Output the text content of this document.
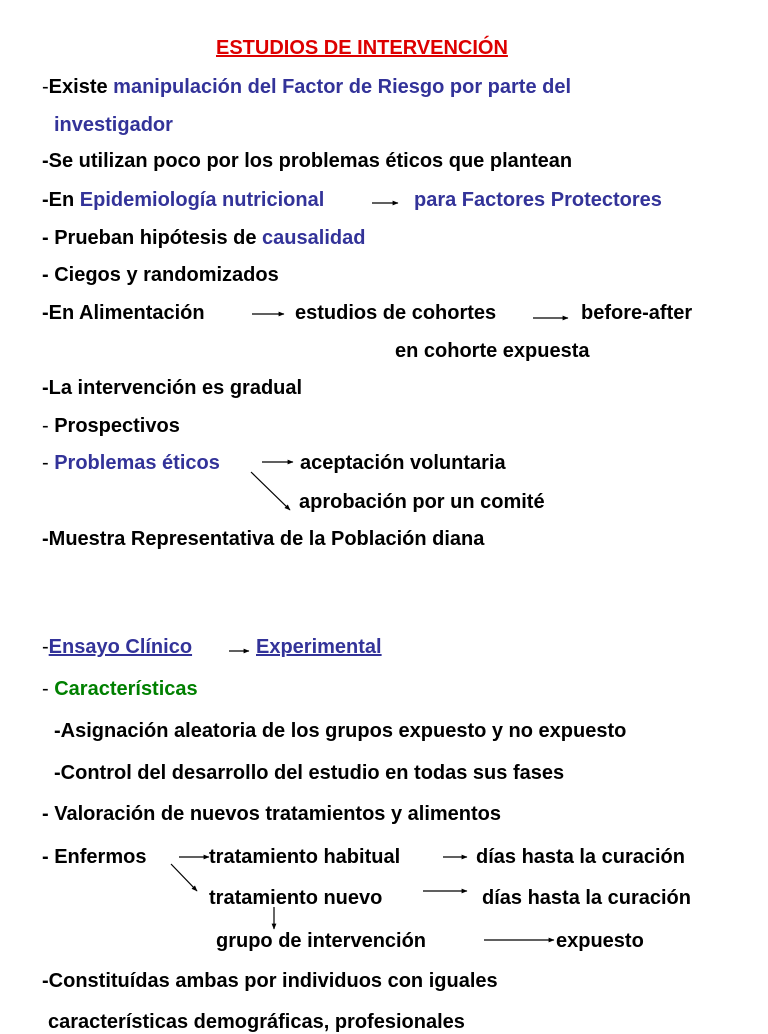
ESTUDIOS DE INTERVENCIÓN
-Existe manipulación del Factor de Riesgo por parte del
investigador
-Se utilizan poco por los problemas éticos que plantean
-En Epidemiología nutricional	para Factores Protectores
- Prueban hipótesis de causalidad
- Ciegos y randomizados
-En Alimentación	estudios de cohortes	before-after
en cohorte expuesta
-La intervención es gradual
- Prospectivos
- Problemas éticos	aceptación voluntaria
aprobación por un comité
-Muestra Representativa de la Población diana
-Ensayo Clínico	Experimental
- Características
-Asignación aleatoria de los grupos expuesto y no expuesto
-Control del desarrollo del estudio en todas sus fases
- Valoración de nuevos tratamientos y alimentos
- Enfermos	tratamiento habitual	días hasta la curación
tratamiento nuevo	días hasta la curación
grupo de intervención	expuesto
-Constituídas ambas por individuos con iguales
características demográficas, profesionales
